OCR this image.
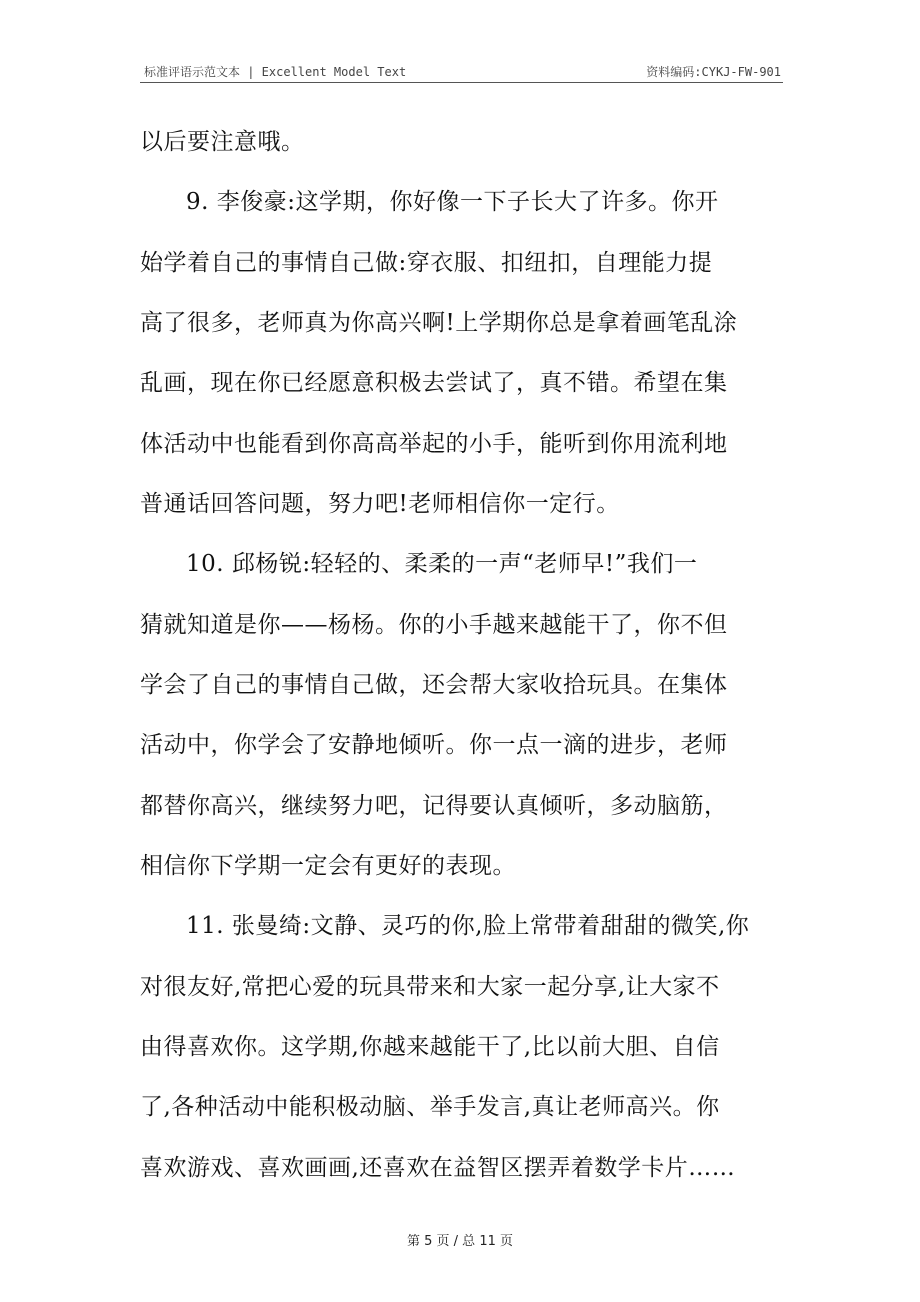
标准评语示范文本 | Excellent Model Text	资料编码:CYKJ-FW-901
以后要注意哦。
9. 李俊豪:这学期，你好像一下子长大了许多。你开
始学着自己的事情自己做:穿衣服、扣纽扣，自理能力提
高了很多，老师真为你高兴啊!上学期你总是拿着画笔乱涂
乱画，现在你已经愿意积极去尝试了，真不错。希望在集
体活动中也能看到你高高举起的小手，能听到你用流利地
普通话回答问题，努力吧!老师相信你一定行。
10. 邱杨锐:轻轻的、柔柔的一声“老师早!”我们一
猜就知道是你——杨杨。你的小手越来越能干了，你不但
学会了自己的事情自己做，还会帮大家收拾玩具。在集体
活动中，你学会了安静地倾听。你一点一滴的进步，老师
都替你高兴，继续努力吧，记得要认真倾听，多动脑筋，
相信你下学期一定会有更好的表现。
11. 张曼绮:文静、灵巧的你,脸上常带着甜甜的微笑,你
对很友好,常把心爱的玩具带来和大家一起分享,让大家不
由得喜欢你。这学期,你越来越能干了,比以前大胆、自信
了,各种活动中能积极动脑、举手发言,真让老师高兴。你
喜欢游戏、喜欢画画,还喜欢在益智区摆弄着数学卡片……
第 5 页 / 总 11 页
